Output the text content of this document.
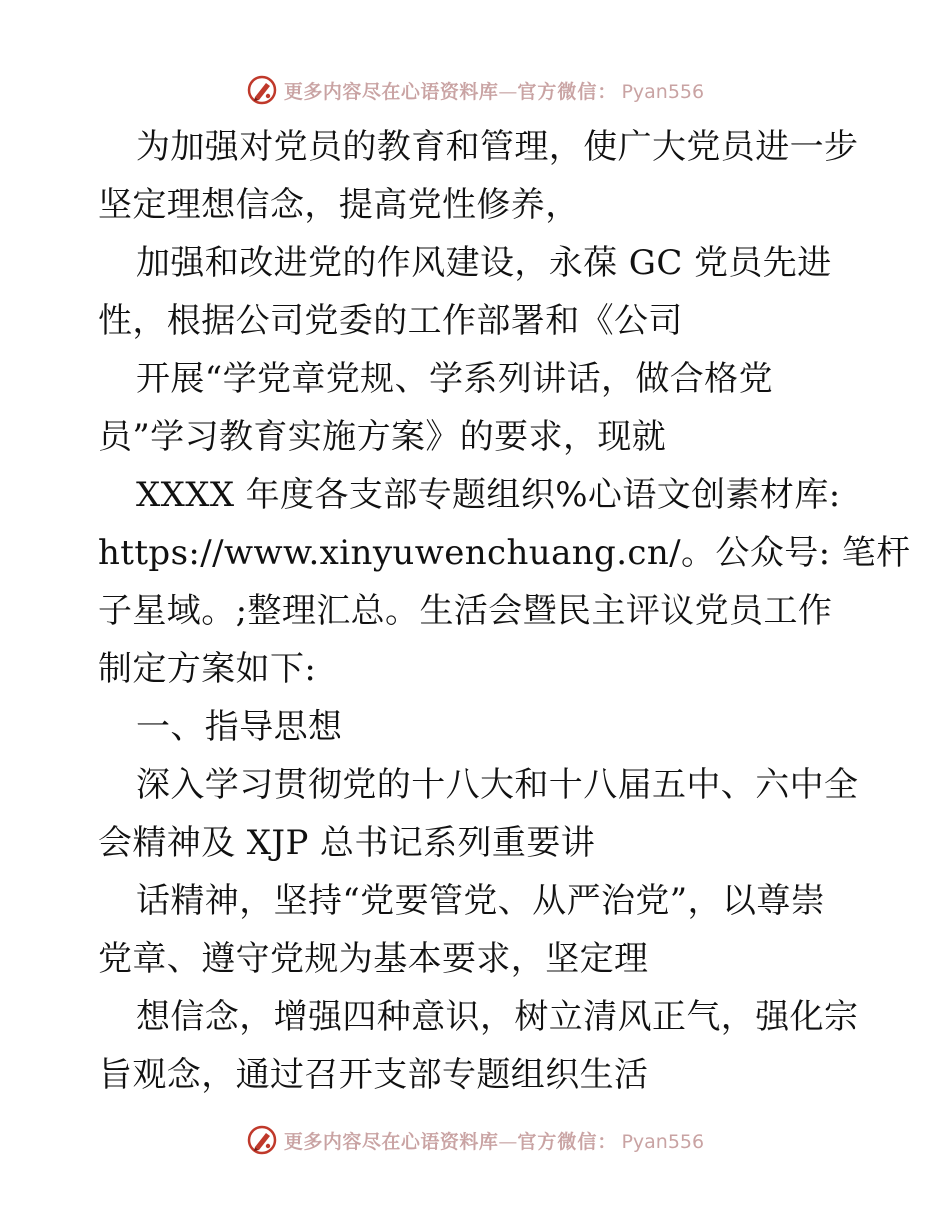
更多内容尽在心语资料库—官方微信： Pyan556
为加强对党员的教育和管理，使广大党员进一步
坚定理想信念，提高党性修养，
加强和改进党的作风建设，永葆 GC 党员先进
性，根据公司党委的工作部署和《公司
开展“学党章党规、学系列讲话，做合格党
员”学习教育实施方案》的要求，现就
XXXX 年度各支部专题组织%心语文创素材库:
https://www.xinyuwenchuang.cn/。公众号: 笔杆
子星域。;整理汇总。生活会暨民主评议党员工作
制定方案如下:
一、指导思想
深入学习贯彻党的十八大和十八届五中、六中全
会精神及 XJP 总书记系列重要讲
话精神，坚持“党要管党、从严治党”，以尊崇
党章、遵守党规为基本要求，坚定理
想信念，增强四种意识，树立清风正气，强化宗
旨观念，通过召开支部专题组织生活
更多内容尽在心语资料库—官方微信： Pyan556
